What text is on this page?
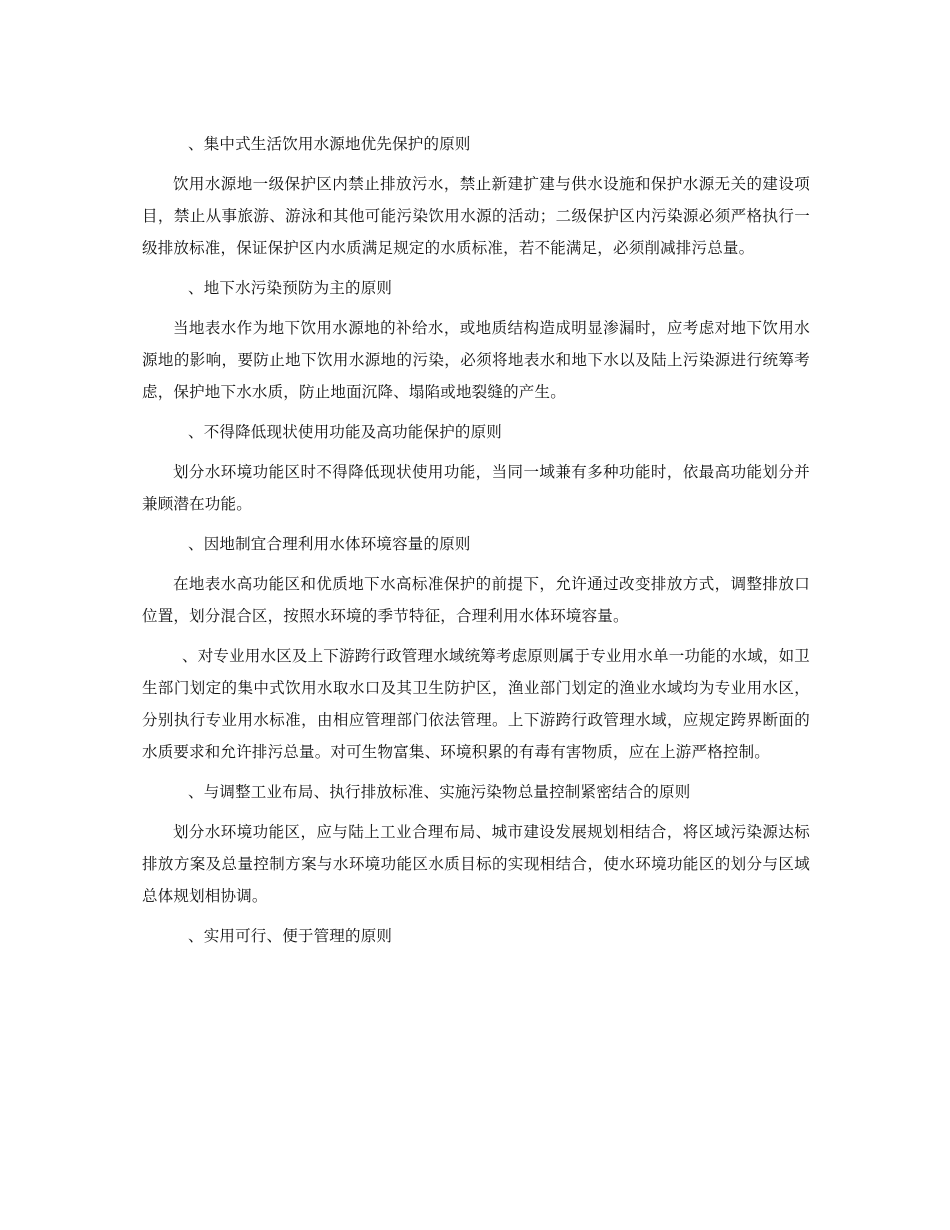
、集中式生活饮用水源地优先保护的原则

饮用水源地一级保护区内禁止排放污水，禁止新建扩建与供水设施和保护水源无关的建设项目，禁止从事旅游、游泳和其他可能污染饮用水源的活动；二级保护区内污染源必须严格执行一级排放标准，保证保护区内水质满足规定的水质标准，若不能满足，必须削减排污总量。

、地下水污染预防为主的原则

当地表水作为地下饮用水源地的补给水，或地质结构造成明显渗漏时，应考虑对地下饮用水源地的影响，要防止地下饮用水源地的污染，必须将地表水和地下水以及陆上污染源进行统筹考虑，保护地下水水质，防止地面沉降、塌陷或地裂缝的产生。

、不得降低现状使用功能及高功能保护的原则

划分水环境功能区时不得降低现状使用功能，当同一域兼有多种功能时，依最高功能划分并兼顾潜在功能。

、因地制宜合理利用水体环境容量的原则

在地表水高功能区和优质地下水高标准保护的前提下，允许通过改变排放方式，调整排放口位置，划分混合区，按照水环境的季节特征，合理利用水体环境容量。

、对专业用水区及上下游跨行政管理水域统筹考虑原则属于专业用水单一功能的水域，如卫生部门划定的集中式饮用水取水口及其卫生防护区，渔业部门划定的渔业水域均为专业用水区，分别执行专业用水标准，由相应管理部门依法管理。上下游跨行政管理水域，应规定跨界断面的水质要求和允许排污总量。对可生物富集、环境积累的有毒有害物质，应在上游严格控制。

、与调整工业布局、执行排放标准、实施污染物总量控制紧密结合的原则

划分水环境功能区，应与陆上工业合理布局、城市建设发展规划相结合，将区域污染源达标排放方案及总量控制方案与水环境功能区水质目标的实现相结合，使水环境功能区的划分与区域总体规划相协调。

、实用可行、便于管理的原则
